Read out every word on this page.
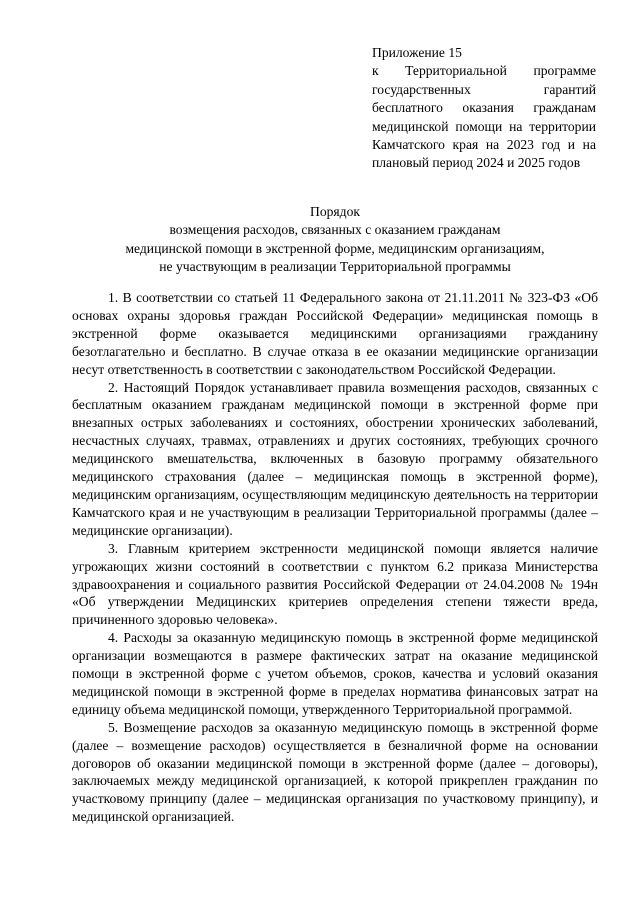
Приложение 15
к Территориальной программе государственных гарантий бесплатного оказания гражданам медицинской помощи на территории Камчатского края на 2023 год и на плановый период 2024 и 2025 годов
Порядок
возмещения расходов, связанных с оказанием гражданам
медицинской помощи в экстренной форме, медицинским организациям,
не участвующим в реализации Территориальной программы

1. В соответствии со статьей 11 Федерального закона от 21.11.2011 № 323-ФЗ «Об основах охраны здоровья граждан Российской Федерации» медицинская помощь в экстренной форме оказывается медицинскими организациями гражданину безотлагательно и бесплатно. В случае отказа в ее оказании медицинские организации несут ответственность в соответствии с законодательством Российской Федерации.

2. Настоящий Порядок устанавливает правила возмещения расходов, связанных с бесплатным оказанием гражданам медицинской помощи в экстренной форме при внезапных острых заболеваниях и состояниях, обострении хронических заболеваний, несчастных случаях, травмах, отравлениях и других состояниях, требующих срочного медицинского вмешательства, включенных в базовую программу обязательного медицинского страхования (далее – медицинская помощь в экстренной форме), медицинским организациям, осуществляющим медицинскую деятельность на территории Камчатского края и не участвующим в реализации Территориальной программы (далее – медицинские организации).

3. Главным критерием экстренности медицинской помощи является наличие угрожающих жизни состояний в соответствии с пунктом 6.2 приказа Министерства здравоохранения и социального развития Российской Федерации от 24.04.2008 № 194н «Об утверждении Медицинских критериев определения степени тяжести вреда, причиненного здоровью человека».

4. Расходы за оказанную медицинскую помощь в экстренной форме медицинской организации возмещаются в размере фактических затрат на оказание медицинской помощи в экстренной форме с учетом объемов, сроков, качества и условий оказания медицинской помощи в экстренной форме в пределах норматива финансовых затрат на единицу объема медицинской помощи, утвержденного Территориальной программой.

5. Возмещение расходов за оказанную медицинскую помощь в экстренной форме (далее – возмещение расходов) осуществляется в безналичной форме на основании договоров об оказании медицинской помощи в экстренной форме (далее – договоры), заключаемых между медицинской организацией, к которой прикреплен гражданин по участковому принципу (далее – медицинская организация по участковому принципу), и медицинской организацией.
